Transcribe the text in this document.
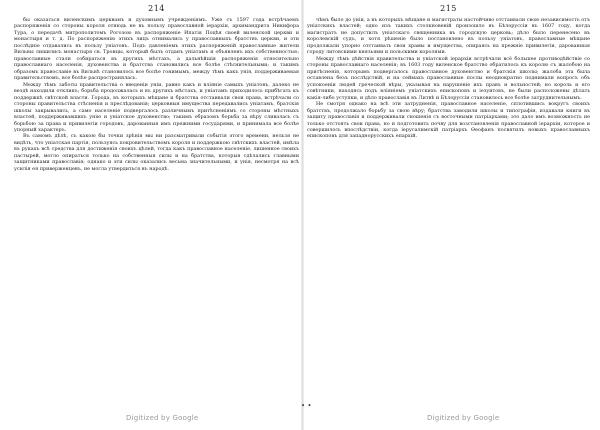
214

бы оказаться виленскимъ церквамъ и духовнымъ учрежденіямъ. Уже съ 1597 года встрѣчаемъ распоряженія со стороны короля отнюдь не въ пользу православной іерархіи, архимандрита Никифора Тура, о передачѣ митрополитомъ Рогозою въ распоряженіе Ипатія Поцѣя своей виленской церкви и монастыря и т. д. По распоряженію этихъ лицъ отнимались у православныхъ братствъ церкви, и эти послѣдніе отдавались въ пользу уніатовъ. Подъ давленіемъ этихъ распоряженій православные жители Вильны лишились монастыря св. Троицы, который былъ отданъ уніатамъ и объявленъ ихъ собственностью; православные стали собираться въ другихъ мѣстахъ, а дальнѣйшія распоряженія относительно православнаго населенія, духовенства и братства становились все болѣе стѣснительными; и такимъ образомъ православіе въ Вильнѣ становилось все болѣе гонимымъ, между тѣмъ какъ унія, поддерживаемая правительствомъ, все болѣе распространялась.

Между тѣмъ заботы правительства о введеніи уніи, равно какъ и вліяніе самыхъ уніатовъ, далеко не вездѣ находили откликъ; борьба продолжалась и въ другихъ мѣстахъ, и уніатамъ приходилось прибѣгать къ поддержкѣ свѣтской власти. Города, въ которыхъ мѣщане и братства отстаивали свои права, встрѣчали со стороны правительства стѣсненія и преслѣдованія; церковныя имущества передавались уніатамъ, братскія школы закрывались, а само населеніе подвергалось различнымъ притѣсненіямъ со стороны мѣстныхъ властей, поддерживавшихъ унію и уніатское духовенство; такимъ образомъ борьба за вѣру сливалась съ борьбою за права и привилегіи городовъ, дарованныя имъ прежними государями, и принимала все болѣе упорный характеръ.

Въ самомъ дѣлѣ, съ какою бы точки зрѣнія мы ни разсматривали событія этого времени, нельзя не видѣть, что уніатская партія, пользуясь покровительствомъ короля и поддержкою свѣтскихъ властей, имѣла въ рукахъ всѣ средства для достиженія своихъ цѣлей, тогда какъ православное населеніе, лишенное своихъ пастырей, могло опираться только на собственныя силы и на братства, которыя сдѣлались главными защитниками православія; однако и эти силы оказались весьма значительными, и унія, несмотря на всѣ усилія ея приверженцевъ, не могла утвердиться въ народѣ.

Digitized by Google
• •
215

чѣмъ было до уніи, а въ которыхъ мѣщане и магистраты настойчиво отстаивали свою независимость отъ уніатскихъ властей; одно изъ такихъ столкновеній произошло въ Бѣлоруссіи въ 1607 году, когда магистратъ не допустилъ уніатскаго священника въ городскую церковь; дѣло было перенесено въ королевскій судъ, и хотя рѣшеніе было постановлено въ пользу уніатовъ, православные мѣщане продолжали упорно отстаивать свои храмы и имущества, опираясь на прежніе привилегіи, дарованныя городу литовскими князьями и польскими королями.

Между тѣмъ дѣйствія правительства и уніатской іерархіи встрѣчали всё большее противодѣйствіе со стороны православнаго населенія; въ 1603 году виленское братство обратилось къ королю съ жалобою на притѣсненія, которымъ подвергалось православное духовенство и братскія школы; жалоба эта была оставлена безъ послѣдствій, и на сеймахъ православные послы неоднократно поднимали вопросъ объ успокоеніи людей греческой вѣры, указывая на нарушеніе ихъ правъ и вольностей; но король и его совѣтники, находясь подъ вліяніемъ уніатскихъ епископовъ и іезуитовъ, не были расположены дѣлать какія-либо уступки, и дѣло православія въ Литвѣ и Бѣлоруссіи становилось все болѣе затруднительнымъ.

Не смотря однако на всѣ эти затрудненія, православное населеніе, сплотившись вокругъ своихъ братствъ, продолжало борьбу за свою вѣру; братства заводили школы и типографіи, издавали книги въ защиту православія и поддерживали сношенія съ восточными патріархами; это дало имъ возможность не только отстоять свои права, но и подготовить почву для возстановленія православной іерархіи, которое и совершилось впослѣдствіи, когда іерусалимскій патріархъ Ѳеофанъ посвятилъ новыхъ православныхъ епископовъ для западнорусскихъ епархій.

Digitized by Google
